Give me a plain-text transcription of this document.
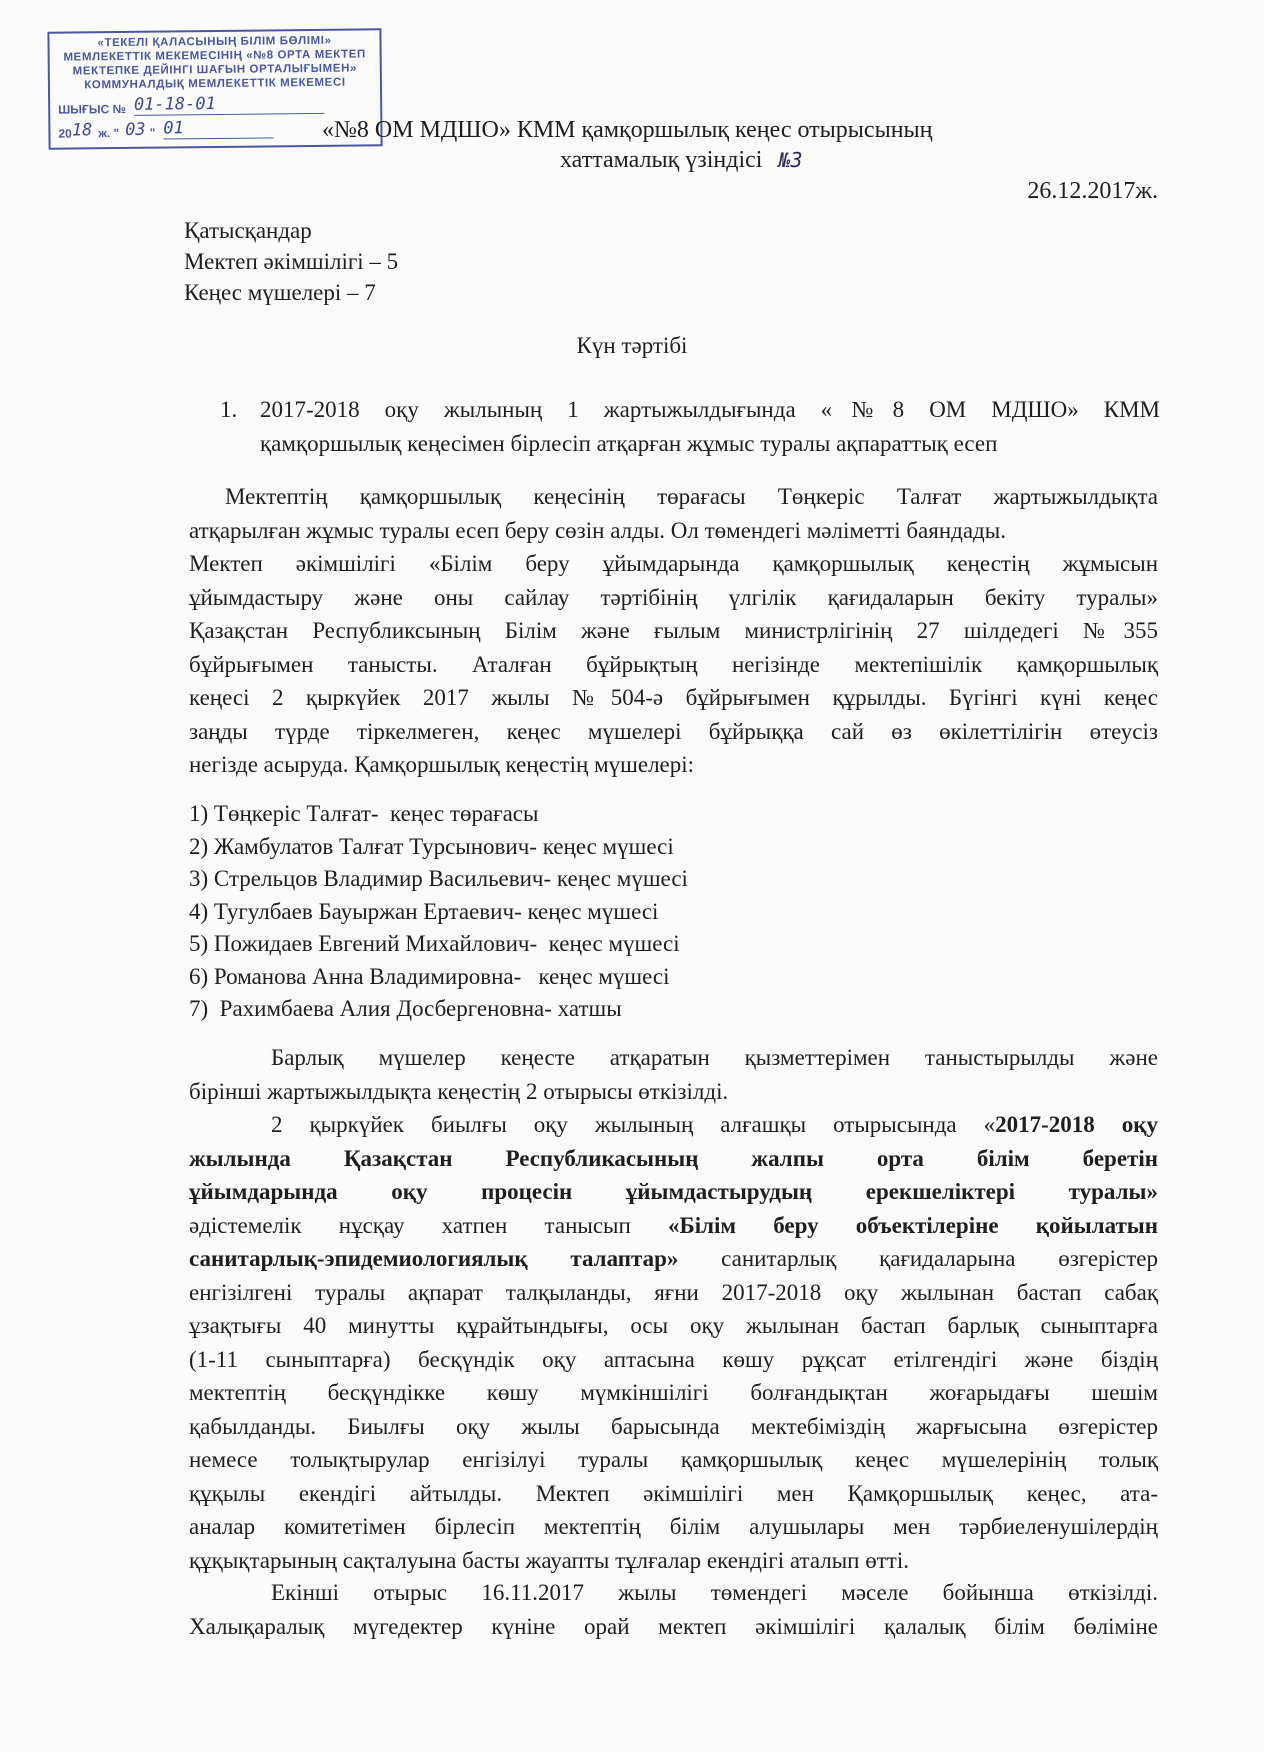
«ТЕКЕЛІ ҚАЛАСЫНЫҢ БІЛІМ БӨЛІМІ»
МЕМЛЕКЕТТІК МЕКЕМЕСІНІҢ «№8 ОРТА МЕКТЕП
МЕКТЕПКЕ ДЕЙІНГІ ШАҒЫН ОРТАЛЫҒЫМЕН»
КОММУНАЛДЫҚ МЕМЛЕКЕТТІК МЕКЕМЕСІ
ШЫҒЫС № 01-18-01
20 18 ж. " 03 " 01	«№8 ОМ МДШО» КММ қамқоршылық кеңес отырысының
хаттамалық үзіндісі №3
26.12.2017ж.
Қатысқандар
Мектеп әкімшілігі – 5
Кеңес мүшелері – 7
Күн тәртібі
1. 2017-2018 оқу жылының 1 жартыжылдығында «№8 ОМ МДШО» КММ
қамқоршылық кеңесімен бірлесіп атқарған жұмыс туралы ақпараттық есеп
Мектептің қамқоршылық кеңесінің төрағасы Төңкеріс Талғат жартыжылдықта
атқарылған жұмыс туралы есеп беру сөзін алды. Ол төмендегі мәліметті баяндады.
Мектеп әкімшілігі «Білім беру ұйымдарында қамқоршылық кеңестің жұмысын
ұйымдастыру және оны сайлау тәртібінің үлгілік қағидаларын бекіту туралы»
Қазақстан Республиксының Білім және ғылым министрлігінің 27 шілдедегі №355
бұйрығымен танысты. Аталған бұйрықтың негізінде мектепішілік қамқоршылық
кеңесі 2 қыркүйек 2017 жылы №504-ә бұйрығымен құрылды. Бүгінгі күні кеңес
заңды түрде тіркелмеген, кеңес мүшелері бұйрыққа сай өз өкілеттілігін өтеусіз
негізде асыруда. Қамқоршылық кеңестің мүшелері:
1) Төңкеріс Талғат-  кеңес төрағасы
2) Жамбулатов Талғат Турсынович- кеңес мүшесі
3) Стрельцов Владимир Васильевич- кеңес мүшесі
4) Тугулбаев Бауыржан Ертаевич- кеңес мүшесі
5) Пожидаев Евгений Михайлович-  кеңес мүшесі
6) Романова Анна Владимировна-   кеңес мүшесі
7)  Рахимбаева Алия Досбергеновна- хатшы
Барлық мүшелер кеңесте атқаратын қызметтерімен таныстырылды және
бірінші жартыжылдықта кеңестің 2 отырысы өткізілді.
2 қыркүйек биылғы оқу жылының алғашқы отырысында «2017-2018 оқу
жылында Қазақстан Республикасының жалпы орта білім беретін
ұйымдарында оқу процесін ұйымдастырудың ерекшеліктері туралы»
әдістемелік нұсқау хатпен танысып «Білім беру объектілеріне қойылатын
санитарлық-эпидемиологиялық талаптар» санитарлық қағидаларына өзгерістер
енгізілгені туралы ақпарат талқыланды, яғни 2017-2018 оқу жылынан бастап сабақ
ұзақтығы 40 минутты құрайтындығы, осы оқу жылынан бастап барлық сыныптарға
(1-11 сыныптарға) бесқүндік оқу аптасына көшу рұқсат етілгендігі және біздің
мектептің бесқүндікке көшу мүмкіншілігі болғандықтан жоғарыдағы шешім
қабылданды. Биылғы оқу жылы барысында мектебіміздің жарғысына өзгерістер
немесе толықтырулар енгізілуі туралы қамқоршылық кеңес мүшелерінің толық
құқылы екендігі айтылды. Мектеп әкімшілігі мен Қамқоршылық кеңес, ата-
аналар комитетімен бірлесіп мектептің білім алушылары мен тәрбиеленушілердің
құқықтарының сақталуына басты жауапты тұлғалар екендігі аталып өтті.
Екінші отырыс 16.11.2017 жылы төмендегі мәселе бойынша өткізілді.
Халықаралық мүгедектер күніне орай мектеп әкімшілігі қалалық білім бөліміне
